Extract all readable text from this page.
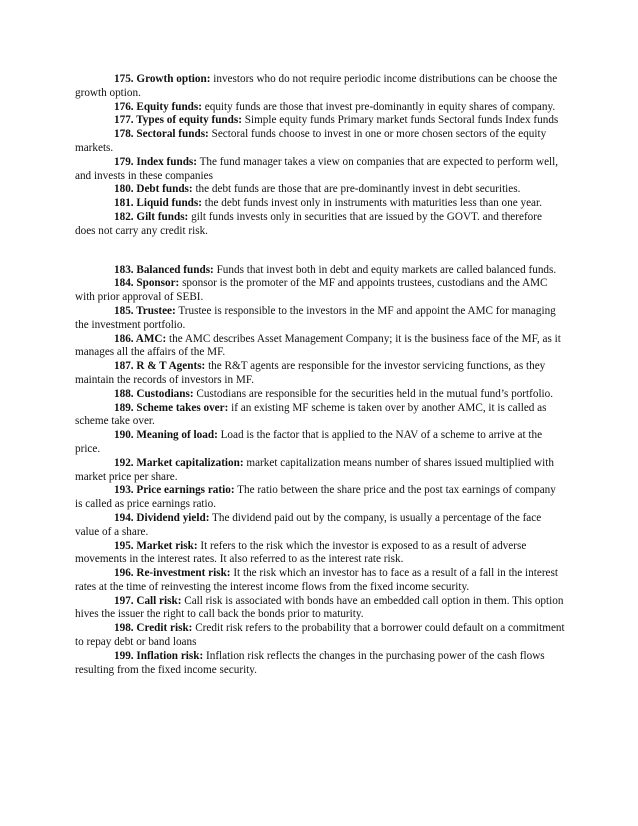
175. Growth option: investors who do not require periodic income distributions can be choose the growth option.

176. Equity funds: equity funds are those that invest pre-dominantly in equity shares of company.

177. Types of equity funds: Simple equity funds Primary market funds Sectoral funds Index funds

178. Sectoral funds: Sectoral funds choose to invest in one or more chosen sectors of the equity markets.

179. Index funds: The fund manager takes a view on companies that are expected to perform well, and invests in these companies

180. Debt funds: the debt funds are those that are pre-dominantly invest in debt securities.

181. Liquid funds: the debt funds invest only in instruments with maturities less than one year.

182. Gilt funds: gilt funds invests only in securities that are issued by the GOVT. and therefore does not carry any credit risk.

183. Balanced funds: Funds that invest both in debt and equity markets are called balanced funds.

184. Sponsor: sponsor is the promoter of the MF and appoints trustees, custodians and the AMC with prior approval of SEBI.

185. Trustee: Trustee is responsible to the investors in the MF and appoint the AMC for managing the investment portfolio.

186. AMC: the AMC describes Asset Management Company; it is the business face of the MF, as it manages all the affairs of the MF.

187. R & T Agents: the R&T agents are responsible for the investor servicing functions, as they maintain the records of investors in MF.

188. Custodians: Custodians are responsible for the securities held in the mutual fund’s portfolio.

189. Scheme takes over: if an existing MF scheme is taken over by another AMC, it is called as scheme take over.

190. Meaning of load: Load is the factor that is applied to the NAV of a scheme to arrive at the price.

192. Market capitalization: market capitalization means number of shares issued multiplied with market price per share.

193. Price earnings ratio: The ratio between the share price and the post tax earnings of company is called as price earnings ratio.

194. Dividend yield: The dividend paid out by the company, is usually a percentage of the face value of a share.

195. Market risk: It refers to the risk which the investor is exposed to as a result of adverse movements in the interest rates. It also referred to as the interest rate risk.

196. Re-investment risk: It the risk which an investor has to face as a result of a fall in the interest rates at the time of reinvesting the interest income flows from the fixed income security.

197. Call risk: Call risk is associated with bonds have an embedded call option in them. This option hives the issuer the right to call back the bonds prior to maturity.

198. Credit risk: Credit risk refers to the probability that a borrower could default on a commitment to repay debt or band loans

199. Inflation risk: Inflation risk reflects the changes in the purchasing power of the cash flows resulting from the fixed income security.
